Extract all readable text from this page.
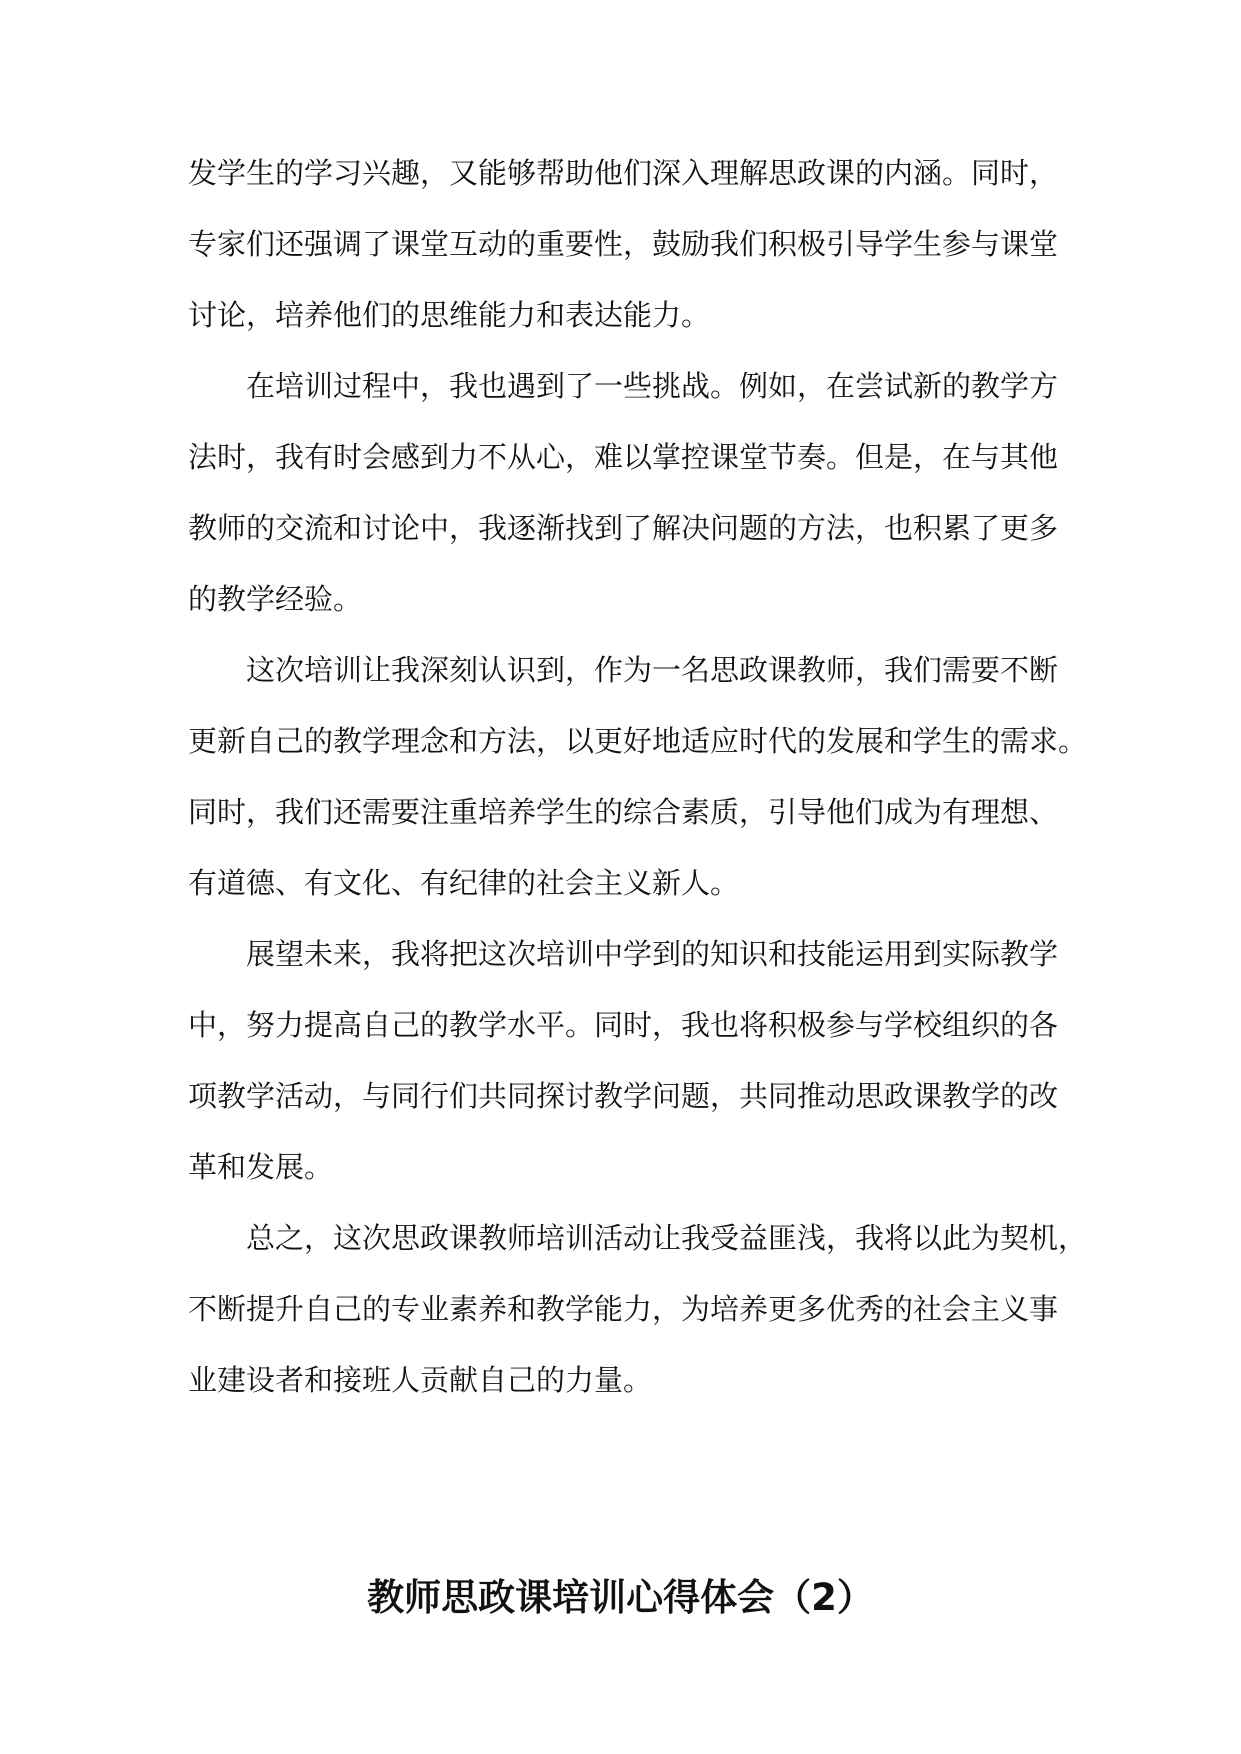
发学生的学习兴趣，又能够帮助他们深入理解思政课的内涵。同时，
专家们还强调了课堂互动的重要性，鼓励我们积极引导学生参与课堂
讨论，培养他们的思维能力和表达能力。
在培训过程中，我也遇到了一些挑战。例如，在尝试新的教学方
法时，我有时会感到力不从心，难以掌控课堂节奏。但是，在与其他
教师的交流和讨论中，我逐渐找到了解决问题的方法，也积累了更多
的教学经验。
这次培训让我深刻认识到，作为一名思政课教师，我们需要不断
更新自己的教学理念和方法，以更好地适应时代的发展和学生的需求。
同时，我们还需要注重培养学生的综合素质，引导他们成为有理想、
有道德、有文化、有纪律的社会主义新人。
展望未来，我将把这次培训中学到的知识和技能运用到实际教学
中，努力提高自己的教学水平。同时，我也将积极参与学校组织的各
项教学活动，与同行们共同探讨教学问题，共同推动思政课教学的改
革和发展。
总之，这次思政课教师培训活动让我受益匪浅，我将以此为契机，
不断提升自己的专业素养和教学能力，为培养更多优秀的社会主义事
业建设者和接班人贡献自己的力量。
教师思政课培训心得体会（2）
